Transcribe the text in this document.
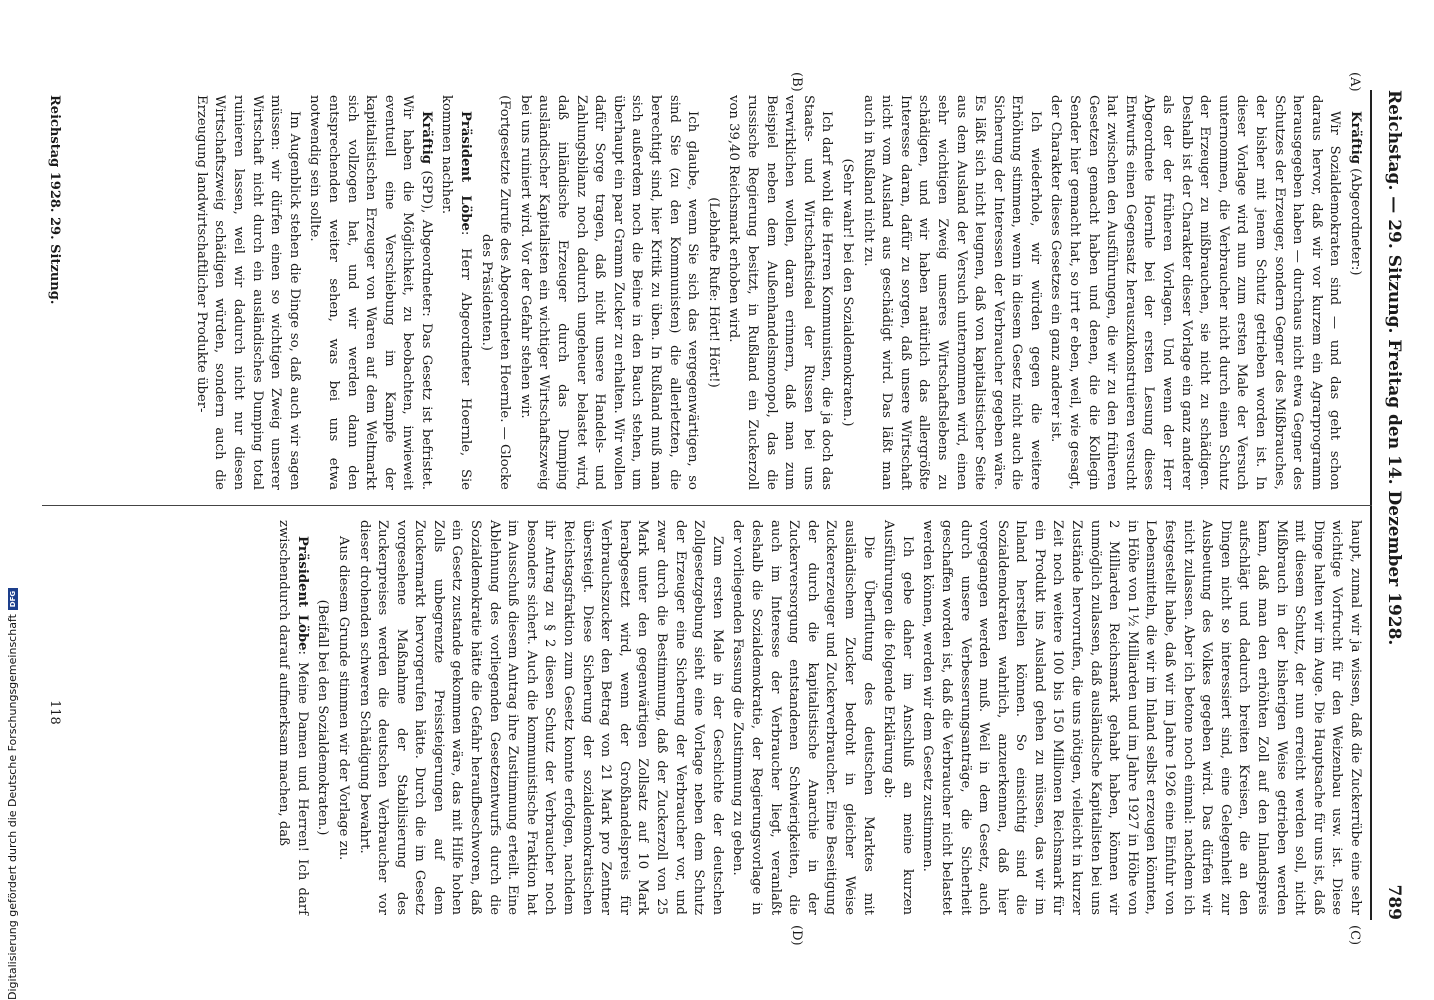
Digitalisierung gefördert durch die Deutsche Forschungsgemeinschaft
DFG	Reichstag. — 29. Sitzung. Freitag den 14. Dezember 1928.
789
(A)
(B)
(C)
(D)

Kräftig (Abgeordneter:)

Wir Sozialdemokraten sind — und das geht schon daraus hervor, daß wir vor kurzem ein Agrarprogramm herausgegeben haben — durchaus nicht etwa Gegner des Schutzes der Erzeuger, sondern Gegner des Mißbrauches, der bisher mit jenem Schutz getrieben worden ist. In dieser Vorlage wird nun zum ersten Male der Versuch unternommen, die Verbraucher nicht durch einen Schutz der Erzeuger zu mißbrauchen, sie nicht zu schädigen. Deshalb ist der Charakter dieser Vorlage ein ganz anderer als der der früheren Vorlagen. Und wenn der Herr Abgeordnete Hoernle bei der ersten Lesung dieses Entwurfs einen Gegensatz herauszukonstruieren versucht hat zwischen den Ausführungen, die wir zu den früheren Gesetzen gemacht haben und denen, die die Kollegin Sender hier gemacht hat, so irrt er eben, weil, wie gesagt, der Charakter dieses Gesetzes ein ganz anderer ist.

Ich wiederhole, wir würden gegen die weitere Erhöhung stimmen, wenn in diesem Gesetz nicht auch die Sicherung der Interessen der Verbraucher gegeben wäre. Es läßt sich nicht leugnen, daß von kapitalistischer Seite aus dem Ausland der Versuch unternommen wird, einen sehr wichtigen Zweig unseres Wirtschaftslebens zu schädigen, und wir haben natürlich das allergrößte Interesse daran, dafür zu sorgen, daß unsere Wirtschaft nicht vom Ausland aus geschädigt wird. Das läßt man auch in Rußland nicht zu.

(Sehr wahr! bei den Sozialdemokraten.)

Ich darf wohl die Herren Kommunisten, die ja doch das Staats- und Wirtschaftsideal der Russen bei uns verwirklichen wollen, daran erinnern, daß man zum Beispiel neben dem Außenhandelsmonopol, das die russische Regierung besitzt, in Rußland ein Zuckerzoll von 39,40 Reichsmark erhoben wird.

(Lebhafte Rufe: Hört! Hört!)

Ich glaube, wenn Sie sich das vergegenwärtigen, so sind Sie (zu den Kommunisten) die allerletzten, die berechtigt sind, hier Kritik zu üben. In Rußland muß man sich außerdem noch die Beine in den Bauch stehen, um überhaupt ein paar Gramm Zucker zu erhalten. Wir wollen dafür Sorge tragen, daß nicht unsere Handels- und Zahlungsbilanz noch dadurch ungeheuer belastet wird, daß inländische Erzeuger durch das Dumping ausländischer Kapitalisten ein wichtiger Wirtschaftszweig bei uns ruiniert wird. Vor der Gefahr stehen wir.

(Fortgesetzte Zurufe des Abgeordneten Hoernle. — Glocke des Präsidenten.)

Präsident Löbe: Herr Abgeordneter Hoernle, Sie kommen nachher.

Kräftig (SPD), Abgeordneter: Das Gesetz ist befristet. Wir haben die Möglichkeit, zu beobachten, inwieweit eventuell eine Verschiebung im Kampfe der kapitalistischen Erzeuger von Waren auf dem Weltmarkt sich vollzogen hat, und wir werden dann den entsprechenden weiter sehen, was bei uns etwa notwendig sein sollte.

Im Augenblick stehen die Dinge so, daß auch wir sagen müssen: wir dürfen einen so wichtigen Zweig unserer Wirtschaft nicht durch ein ausländisches Dumping total ruinieren lassen, weil wir dadurch nicht nur diesen Wirtschaftszweig schädigen würden, sondern auch die Erzeugung landwirtschaftlicher Produkte über-

haupt, zumal wir ja wissen, daß die Zuckerrübe eine sehr wichtige Vorfrucht für den Weizenbau usw. ist. Diese Dinge halten wir im Auge. Die Hauptsache für uns ist, daß mit diesem Schutz, der nun erreicht werden soll, nicht Mißbrauch in der bisherigen Weise getrieben werden kann, daß man den erhöhten Zoll auf den Inlandspreis aufschlägt und dadurch breiten Kreisen, die an den Dingen nicht so interessiert sind, eine Gelegenheit zur Ausbeutung des Volkes gegeben wird. Das dürfen wir nicht zulassen. Aber ich betone noch einmal: nachdem ich festgestellt habe, daß wir im Jahre 1926 eine Einfuhr von Lebensmitteln, die wir im Inland selbst erzeugen könnten, in Höhe von 1½ Milliarden und im Jahre 1927 in Höhe von 2 Milliarden Reichsmark gehabt haben, können wir unmöglich zulassen, daß ausländische Kapitalisten bei uns Zustände hervorrufen, die uns nötigen, vielleicht in kurzer Zeit noch weitere 100 bis 150 Millionen Reichsmark für ein Produkt ins Ausland gehen zu müssen, das wir im Inland herstellen können. So einsichtig sind die Sozialdemokraten wahrlich, anzuerkennen, daß hier vorgegangen werden muß. Weil in dem Gesetz, auch durch unsere Verbesserungsanträge, die Sicherheit geschaffen worden ist, daß die Verbraucher nicht belastet werden können, werden wir dem Gesetz zustimmen.

Ich gebe daher im Anschluß an meine kurzen Ausführungen die folgende Erklärung ab:

Die Überflutung des deutschen Marktes mit ausländischem Zucker bedroht in gleicher Weise Zuckererzeuger und Zuckerverbraucher. Eine Beseitigung der durch die kapitalistische Anarchie in der Zuckerversorgung entstandenen Schwierigkeiten, die auch im Interesse der Verbraucher liegt, veranlaßt deshalb die Sozialdemokratie, der Regierungsvorlage in der vorliegenden Fassung die Zustimmung zu geben.

Zum ersten Male in der Geschichte der deutschen Zollgesetzgebung sieht eine Vorlage neben dem Schutz der Erzeuger eine Sicherung der Verbraucher vor, und zwar durch die Bestimmung, daß der Zuckerzoll von 25 Mark unter den gegenwärtigen Zollsatz auf 10 Mark herabgesetzt wird, wenn der Großhandelspreis für Verbrauchszucker den Betrag von 21 Mark pro Zentner übersteigt. Diese Sicherung der sozialdemokratischen Reichstagsfraktion zum Gesetz konnte erfolgen, nachdem ihr Antrag zu § 2 diesen Schutz der Verbraucher noch besonders sichert. Auch die kommunistische Fraktion hat im Ausschuß diesem Antrag ihre Zustimmung erteilt. Eine Ablehnung des vorliegenden Gesetzentwurfs durch die Sozialdemokratie hätte die Gefahr heraufbeschworen, daß ein Gesetz zustande gekommen wäre, das mit Hilfe hohen Zolls unbegrenzte Preissteigerungen auf dem Zuckermarkt hervorgerufen hätte. Durch die im Gesetz vorgesehene Maßnahme der Stabilisierung des Zuckerpreises werden die deutschen Verbraucher vor dieser drohenden schweren Schädigung bewahrt.

Aus diesem Grunde stimmen wir der Vorlage zu.

(Beifall bei den Sozialdemokraten.)

Präsident Löbe: Meine Damen und Herren! Ich darf zwischendurch darauf aufmerksam machen, daß

Reichstag 1928. 29. Sitzung.
118
